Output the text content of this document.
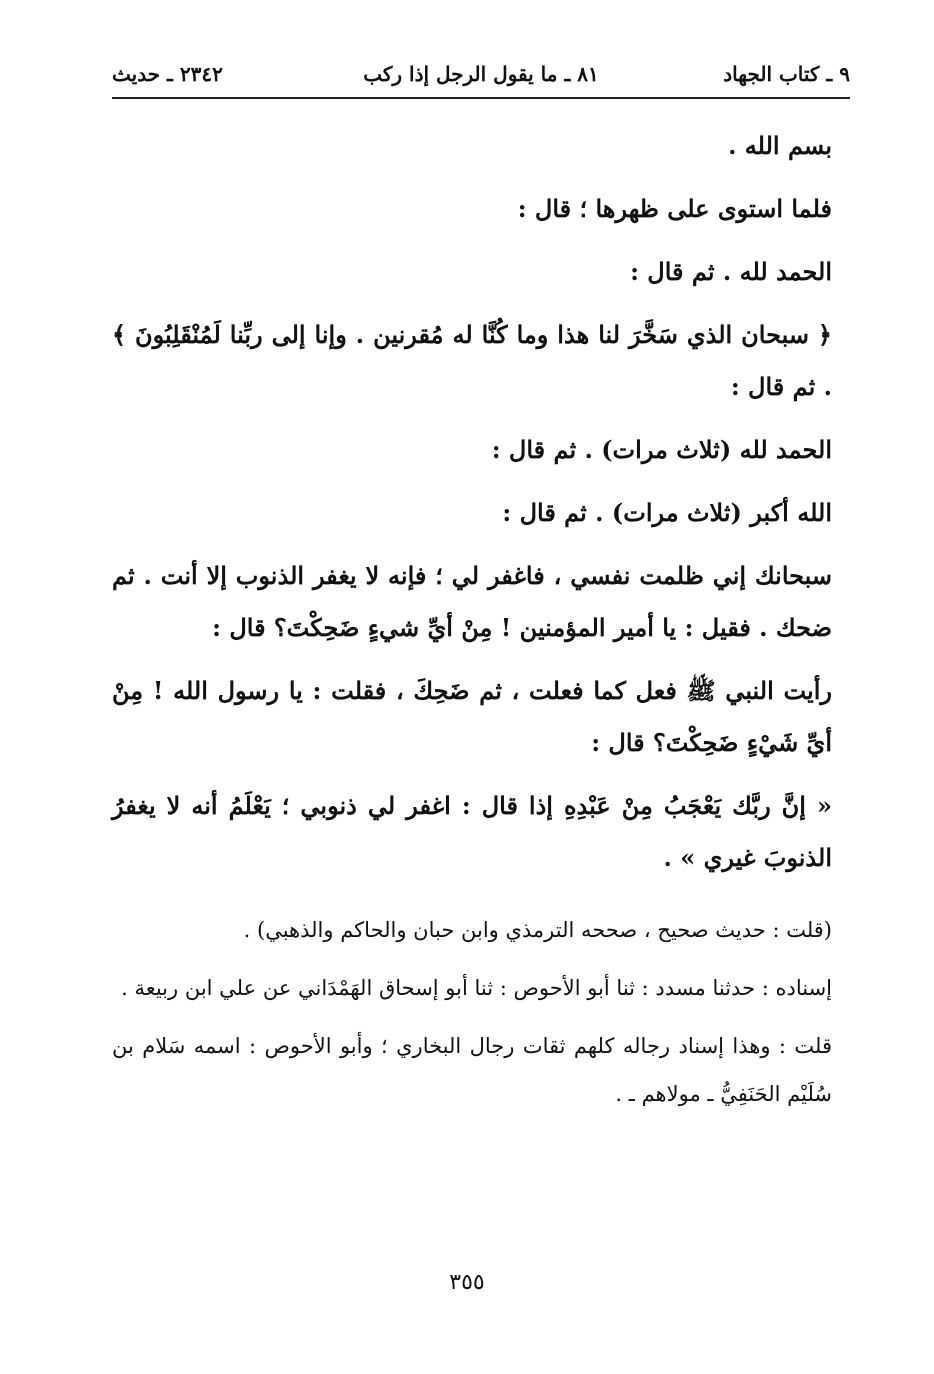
٩ ـ كتاب الجهاد
٨١ ـ ما يقول الرجل إذا ركب
٢٣٤٢ ـ حديث

بسم الله .

فلما استوى على ظهرها ؛ قال :

الحمد لله . ثم قال :

﴿ سبحان الذي سَخَّرَ لنا هذا وما كُنَّا له مُقرنين . وإنا إلى ربِّنا لَمُنْقَلِبُونَ ﴾ . ثم قال :

الحمد لله (ثلاث مرات) . ثم قال :

الله أكبر (ثلاث مرات) . ثم قال :

سبحانك إني ظلمت نفسي ، فاغفر لي ؛ فإنه لا يغفر الذنوب إلا أنت . ثم ضحك . فقيل : يا أمير المؤمنين ! مِنْ أيِّ شيءٍ ضَحِكْتَ؟ قال :

رأيت النبي ﷺ فعل كما فعلت ، ثم ضَحِكَ ، فقلت : يا رسول الله ! مِنْ أيِّ شَيْءٍ ضَحِكْتَ؟ قال :

« إنَّ ربَّك يَعْجَبُ مِنْ عَبْدِهِ إذا قال : اغفر لي ذنوبي ؛ يَعْلَمُ أنه لا يغفرُ الذنوبَ غيري » .

(قلت : حديث صحيح ، صححه الترمذي وابن حبان والحاكم والذهبي) .

إسناده : حدثنا مسدد : ثنا أبو الأحوص : ثنا أبو إسحاق الهَمْدَاني عن علي ابن ربيعة .

قلت : وهذا إسناد رجاله كلهم ثقات رجال البخاري ؛ وأبو الأحوص : اسمه سَلام بن سُلَيْم الحَنَفِيُّ ـ مولاهم ـ .

٣٥٥
